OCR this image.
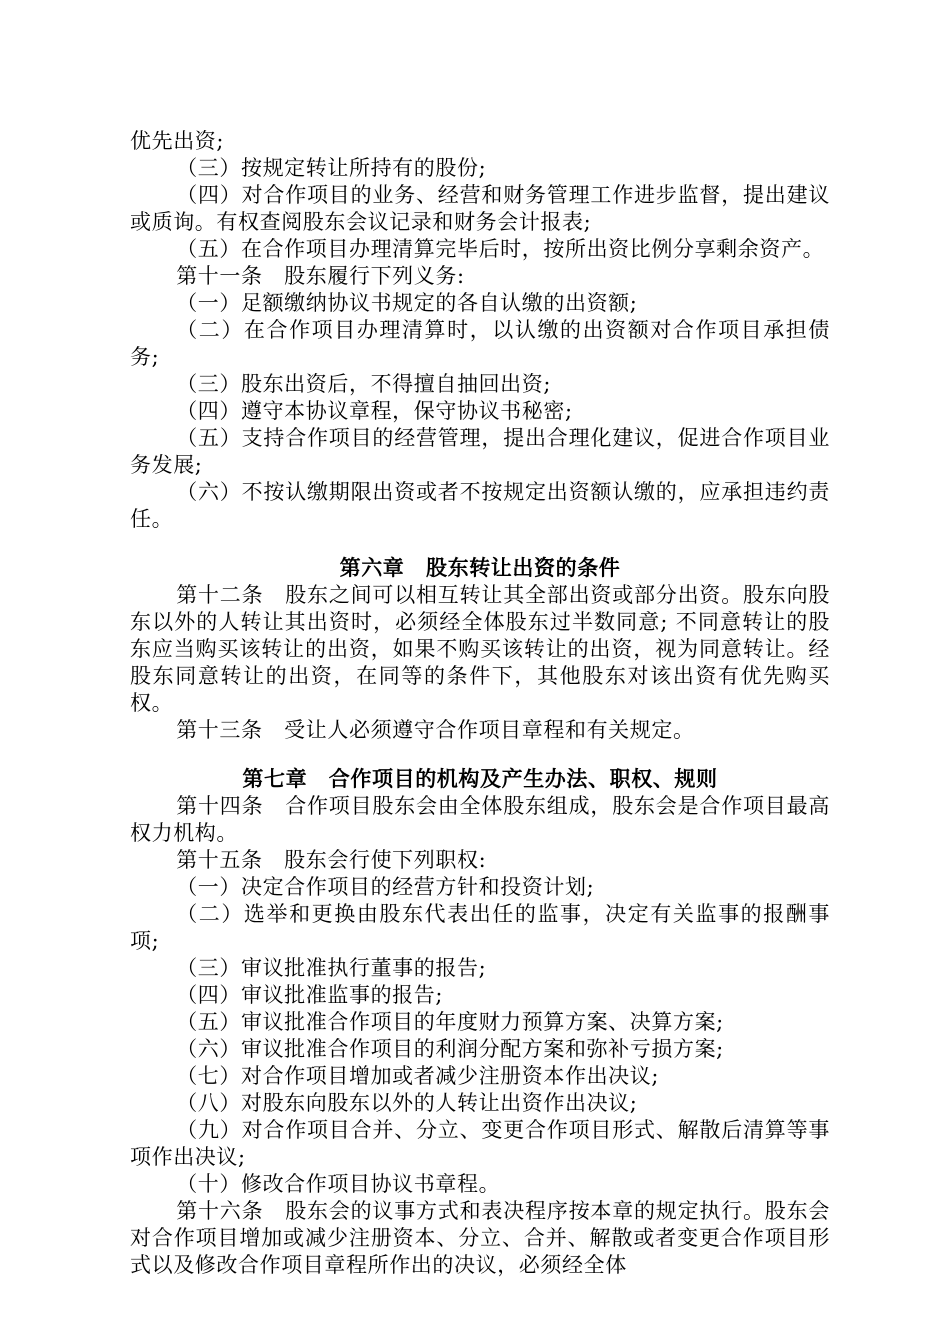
优先出资;

（三）按规定转让所持有的股份;

（四）对合作项目的业务、经营和财务管理工作进步监督，提出建议或质询。有权查阅股东会议记录和财务会计报表;

（五）在合作项目办理清算完毕后时，按所出资比例分享剩余资产。

第十一条　股东履行下列义务:

（一）足额缴纳协议书规定的各自认缴的出资额;

（二）在合作项目办理清算时，以认缴的出资额对合作项目承担债务;

（三）股东出资后，不得擅自抽回出资;

（四）遵守本协议章程，保守协议书秘密;

（五）支持合作项目的经营管理，提出合理化建议，促进合作项目业务发展;

（六）不按认缴期限出资或者不按规定出资额认缴的，应承担违约责任。

第六章　股东转让出资的条件

第十二条　股东之间可以相互转让其全部出资或部分出资。股东向股东以外的人转让其出资时，必须经全体股东过半数同意; 不同意转让的股东应当购买该转让的出资，如果不购买该转让的出资，视为同意转让。经股东同意转让的出资，在同等的条件下，其他股东对该出资有优先购买权。

第十三条　受让人必须遵守合作项目章程和有关规定。

第七章　合作项目的机构及产生办法、职权、规则

第十四条　合作项目股东会由全体股东组成，股东会是合作项目最高权力机构。

第十五条　股东会行使下列职权:

（一）决定合作项目的经营方针和投资计划;

（二）选举和更换由股东代表出任的监事，决定有关监事的报酬事项;

（三）审议批准执行董事的报告;

（四）审议批准监事的报告;

（五）审议批准合作项目的年度财力预算方案、决算方案;

（六）审议批准合作项目的利润分配方案和弥补亏损方案;

（七）对合作项目增加或者减少注册资本作出决议;

（八）对股东向股东以外的人转让出资作出决议;

（九）对合作项目合并、分立、变更合作项目形式、解散后清算等事项作出决议;

（十）修改合作项目协议书章程。

第十六条　股东会的议事方式和表决程序按本章的规定执行。股东会对合作项目增加或减少注册资本、分立、合并、解散或者变更合作项目形式以及修改合作项目章程所作出的决议，必须经全体
